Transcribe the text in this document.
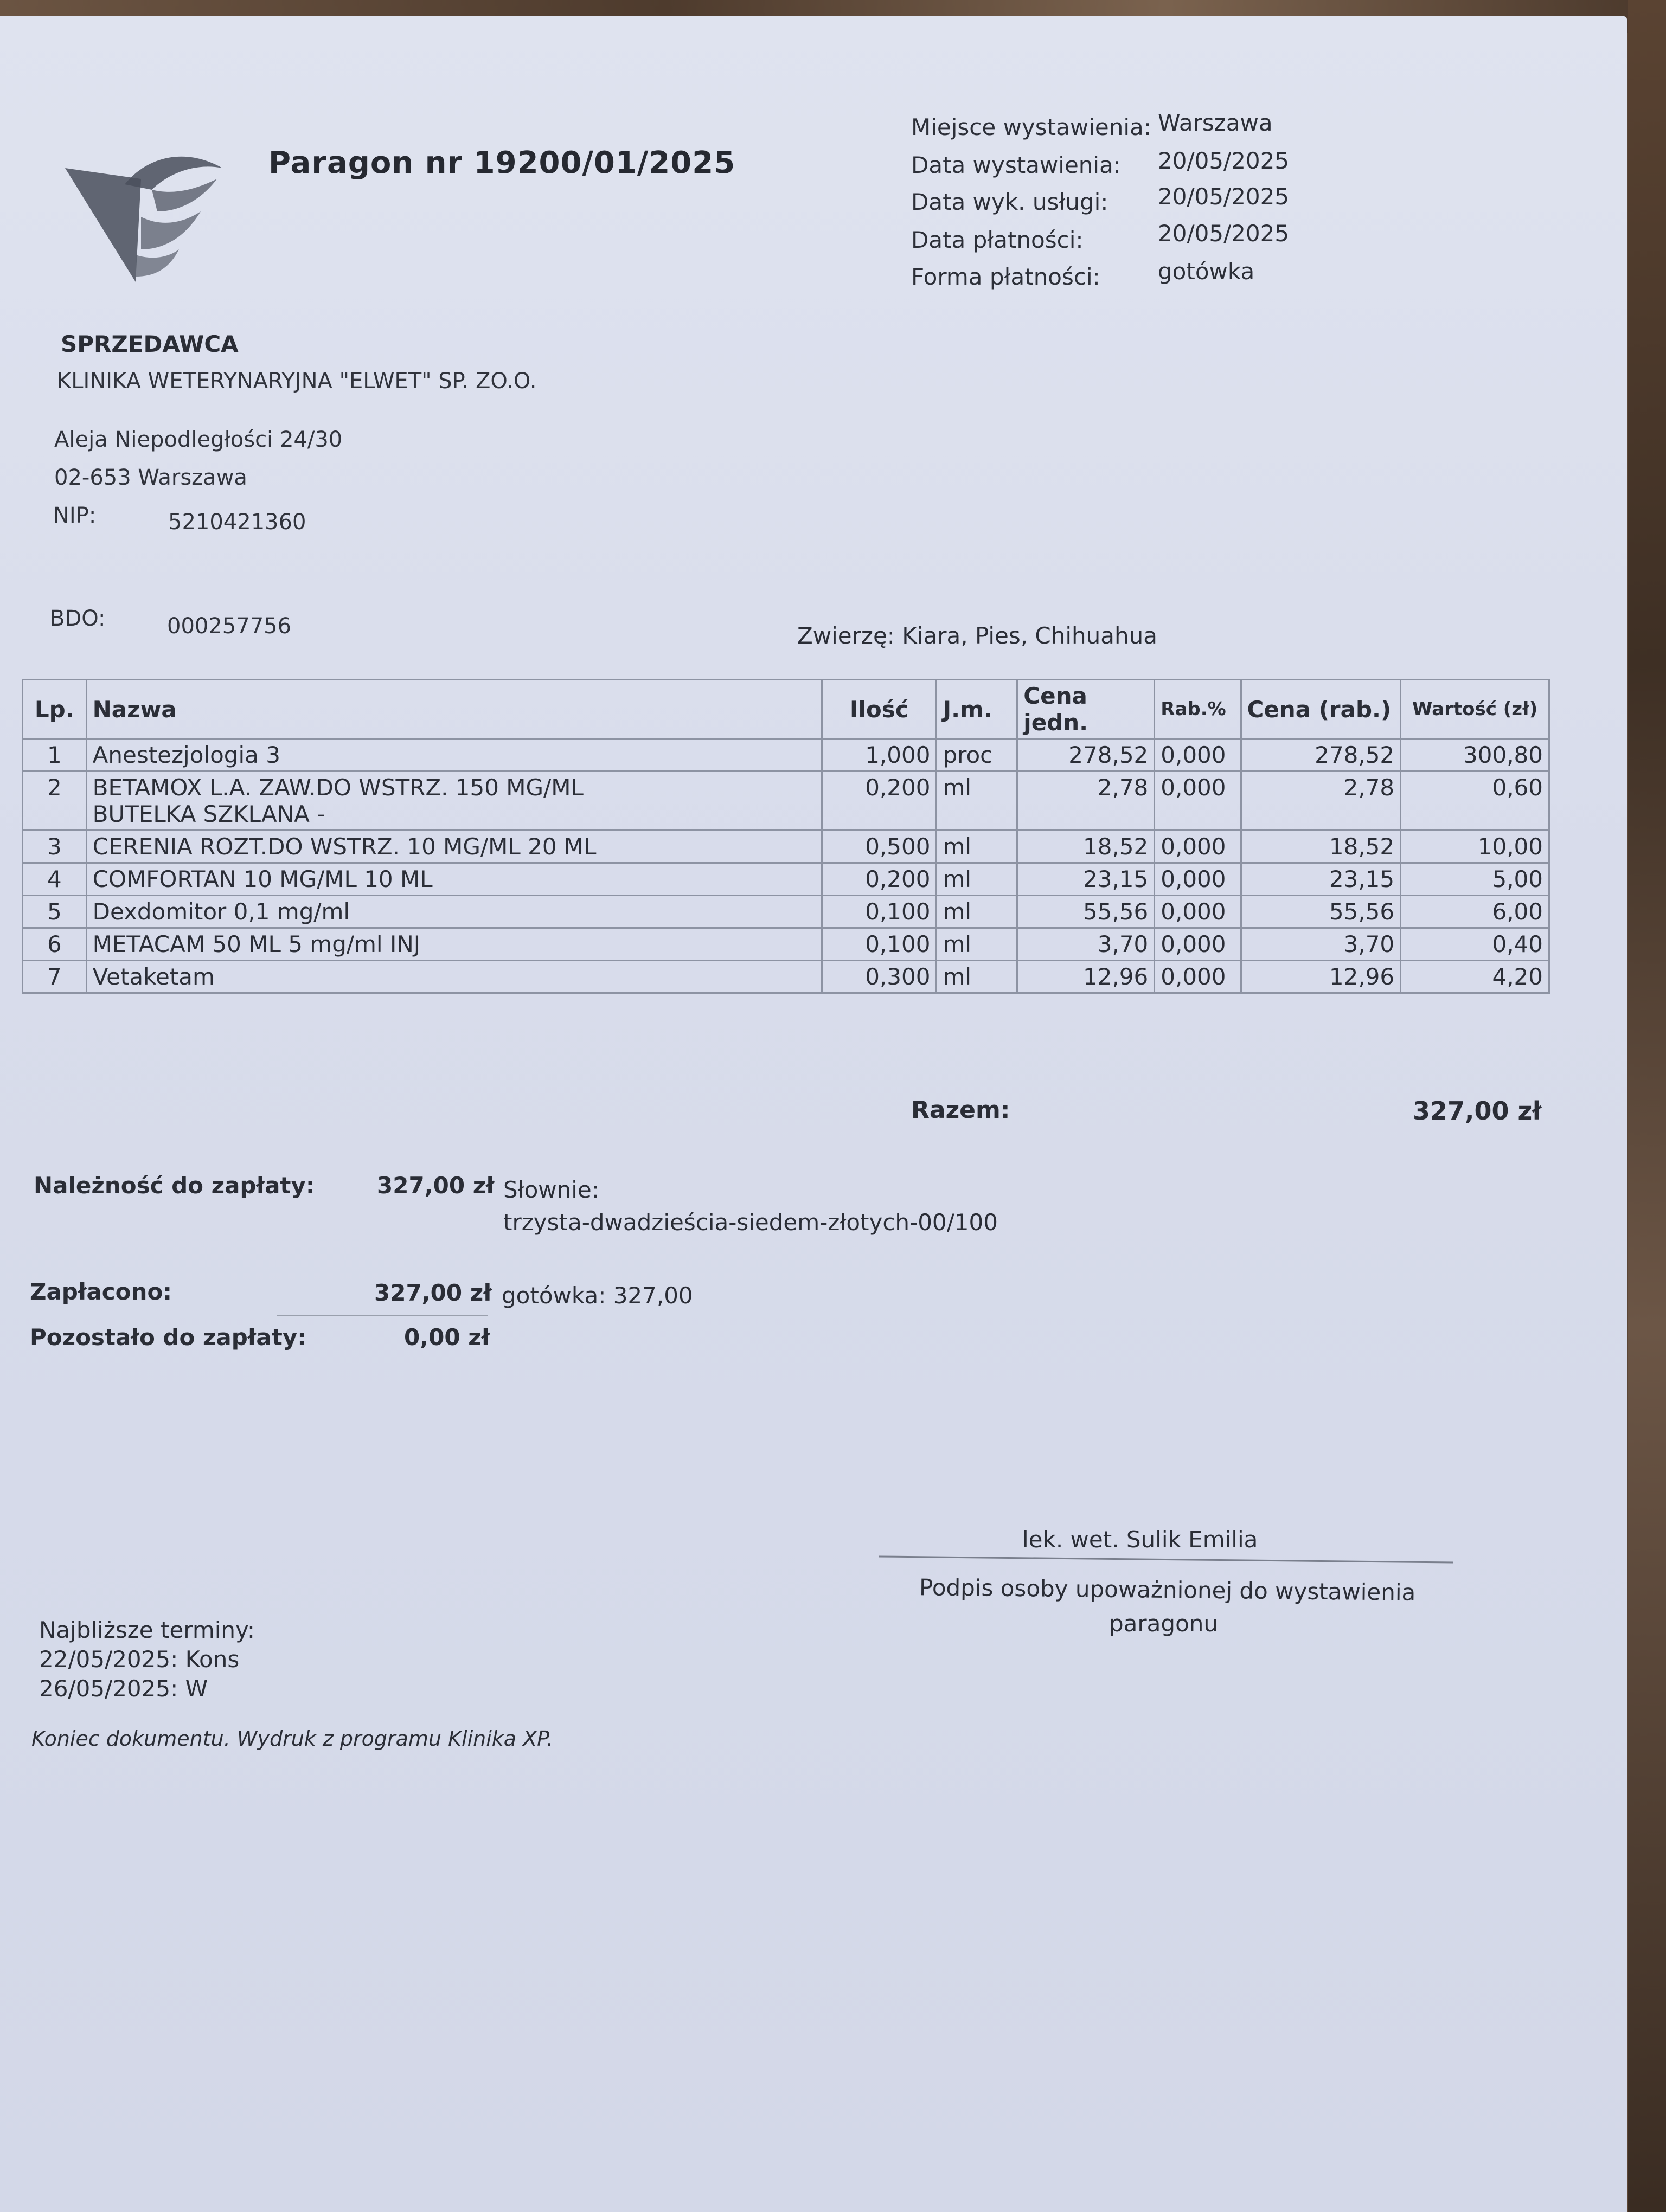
Paragon nr 19200/01/2025
Miejsce wystawienia: Warszawa
Data wystawienia: 20/05/2025
Data wyk. usługi: 20/05/2025
Data płatności:	20/05/2025
Forma płatności:	gotówka
SPRZEDAWCA
KLINIKA WETERYNARYJNA "ELWET" SP. ZO.O.
Aleja Niepodległości 24/30
02-653 Warszawa
NIP:	5210421360
BDO:	000257756	Zwierzę: Kiara, Pies, Chihuahua
Lp.	Nazwa	Ilość	J.m.	Cena jedn.	Rab.%	Cena (rab.)	Wartość (zł)
1	Anestezjologia 3	1,000	proc	278,52	0,000	278,52	300,80
2	BETAMOX L.A. ZAW.DO WSTRZ. 150 MG/ML
BUTELKA SZKLANA -	0,200	ml	2,78	0,000	2,78	0,60
3	CERENIA ROZT.DO WSTRZ. 10 MG/ML 20 ML	0,500	ml	18,52	0,000	18,52	10,00
4	COMFORTAN 10 MG/ML 10 ML	0,200	ml	23,15	0,000	23,15	5,00
5	Dexdomitor 0,1 mg/ml	0,100	ml	55,56	0,000	55,56	6,00
6	METACAM 50 ML 5 mg/ml INJ	0,100	ml	3,70	0,000	3,70	0,40
7	Vetaketam	0,300	ml	12,96	0,000	12,96	4,20
Razem:	327,00 zł
Należność do zapłaty:	327,00 zł Słownie:
trzysta-dwadzieścia-siedem-złotych-00/100
Zapłacono:	327,00 zł gotówka: 327,00
Pozostało do zapłaty:	0,00 zł
lek. wet. Sulik Emilia
Podpis osoby upoważnionej do wystawienia
paragonu
Najbliższe terminy:
22/05/2025: Kons
26/05/2025: W
Koniec dokumentu. Wydruk z programu Klinika XP.
